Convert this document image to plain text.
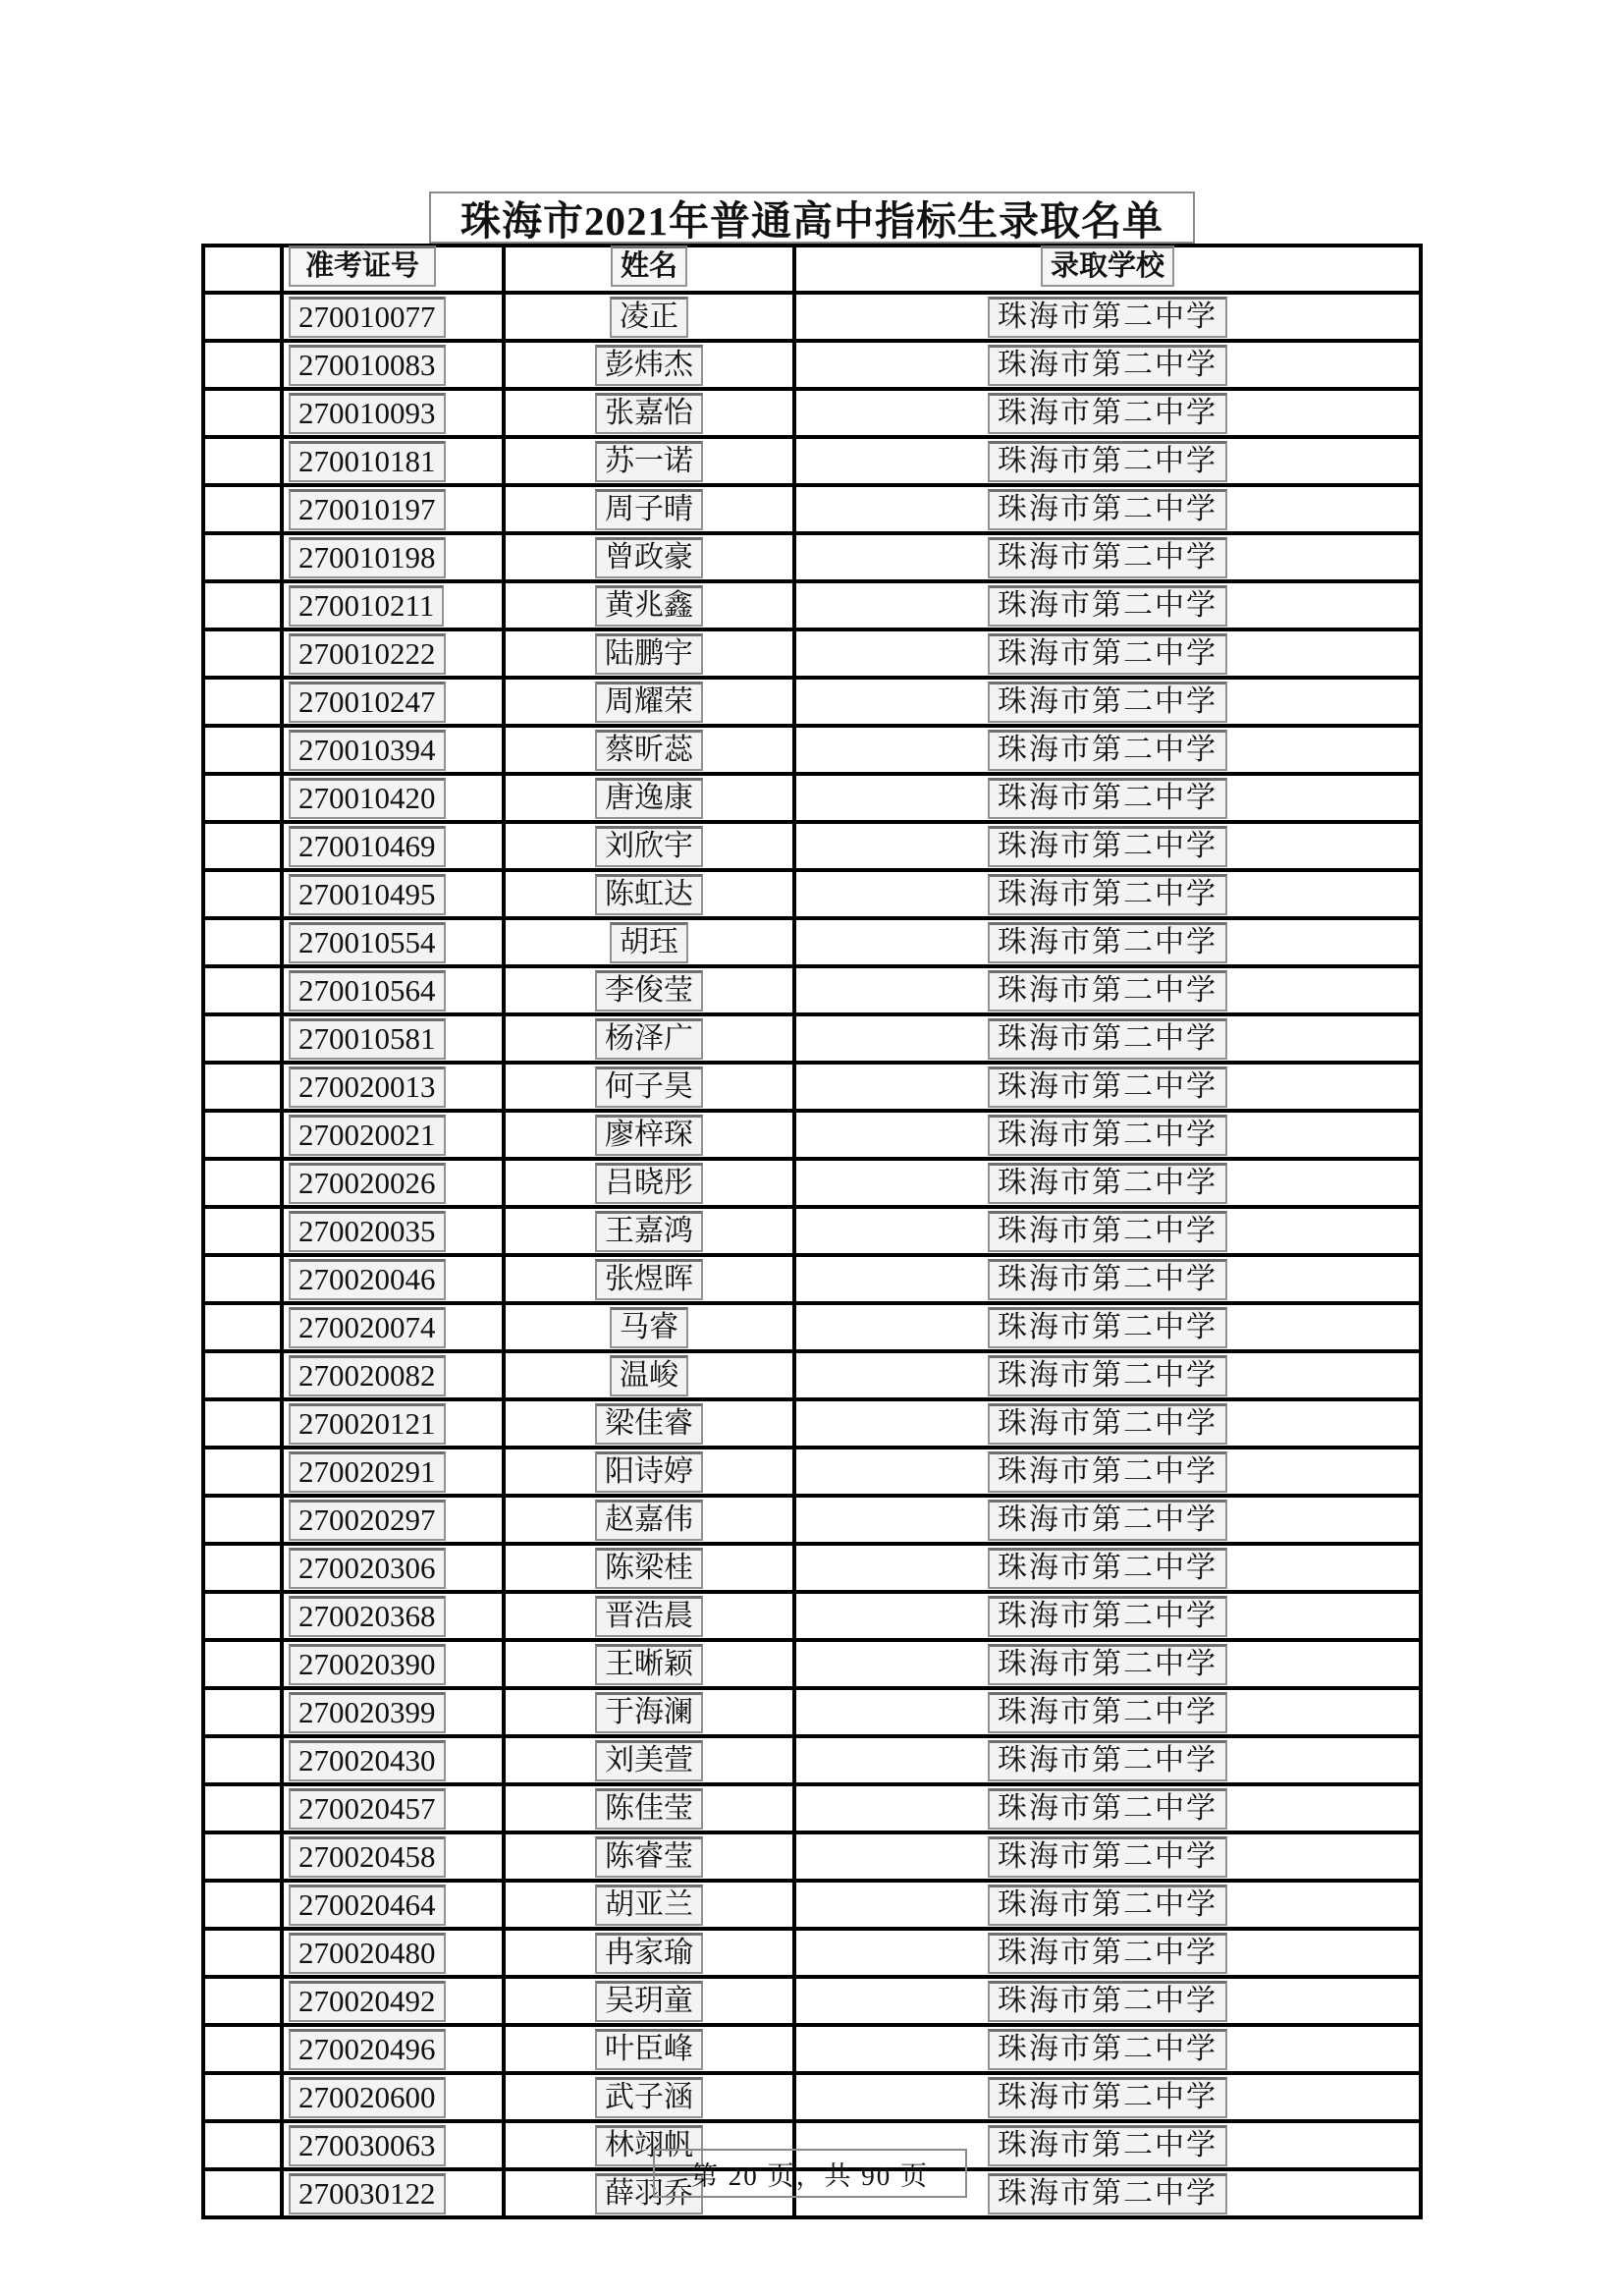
珠海市2021年普通高中指标生录取名单
	准考证号	姓名	录取学校
	270010077	凌正	珠海市第二中学
	270010083	彭炜杰	珠海市第二中学
	270010093	张嘉怡	珠海市第二中学
	270010181	苏一诺	珠海市第二中学
	270010197	周子晴	珠海市第二中学
	270010198	曾政豪	珠海市第二中学
	270010211	黄兆鑫	珠海市第二中学
	270010222	陆鹏宇	珠海市第二中学
	270010247	周耀荣	珠海市第二中学
	270010394	蔡昕蕊	珠海市第二中学
	270010420	唐逸康	珠海市第二中学
	270010469	刘欣宇	珠海市第二中学
	270010495	陈虹达	珠海市第二中学
	270010554	胡珏	珠海市第二中学
	270010564	李俊莹	珠海市第二中学
	270010581	杨泽广	珠海市第二中学
	270020013	何子昊	珠海市第二中学
	270020021	廖梓琛	珠海市第二中学
	270020026	吕晓彤	珠海市第二中学
	270020035	王嘉鸿	珠海市第二中学
	270020046	张煜晖	珠海市第二中学
	270020074	马睿	珠海市第二中学
	270020082	温峻	珠海市第二中学
	270020121	梁佳睿	珠海市第二中学
	270020291	阳诗婷	珠海市第二中学
	270020297	赵嘉伟	珠海市第二中学
	270020306	陈梁桂	珠海市第二中学
	270020368	晋浩晨	珠海市第二中学
	270020390	王晰颖	珠海市第二中学
	270020399	于海澜	珠海市第二中学
	270020430	刘美萱	珠海市第二中学
	270020457	陈佳莹	珠海市第二中学
	270020458	陈睿莹	珠海市第二中学
	270020464	胡亚兰	珠海市第二中学
	270020480	冉家瑜	珠海市第二中学
	270020492	吴玥童	珠海市第二中学
	270020496	叶臣峰	珠海市第二中学
	270020600	武子涵	珠海市第二中学
	270030063	林翊帆	珠海市第二中学
	270030122	薛羽乔	珠海市第二中学
第 20 页，共 90 页
